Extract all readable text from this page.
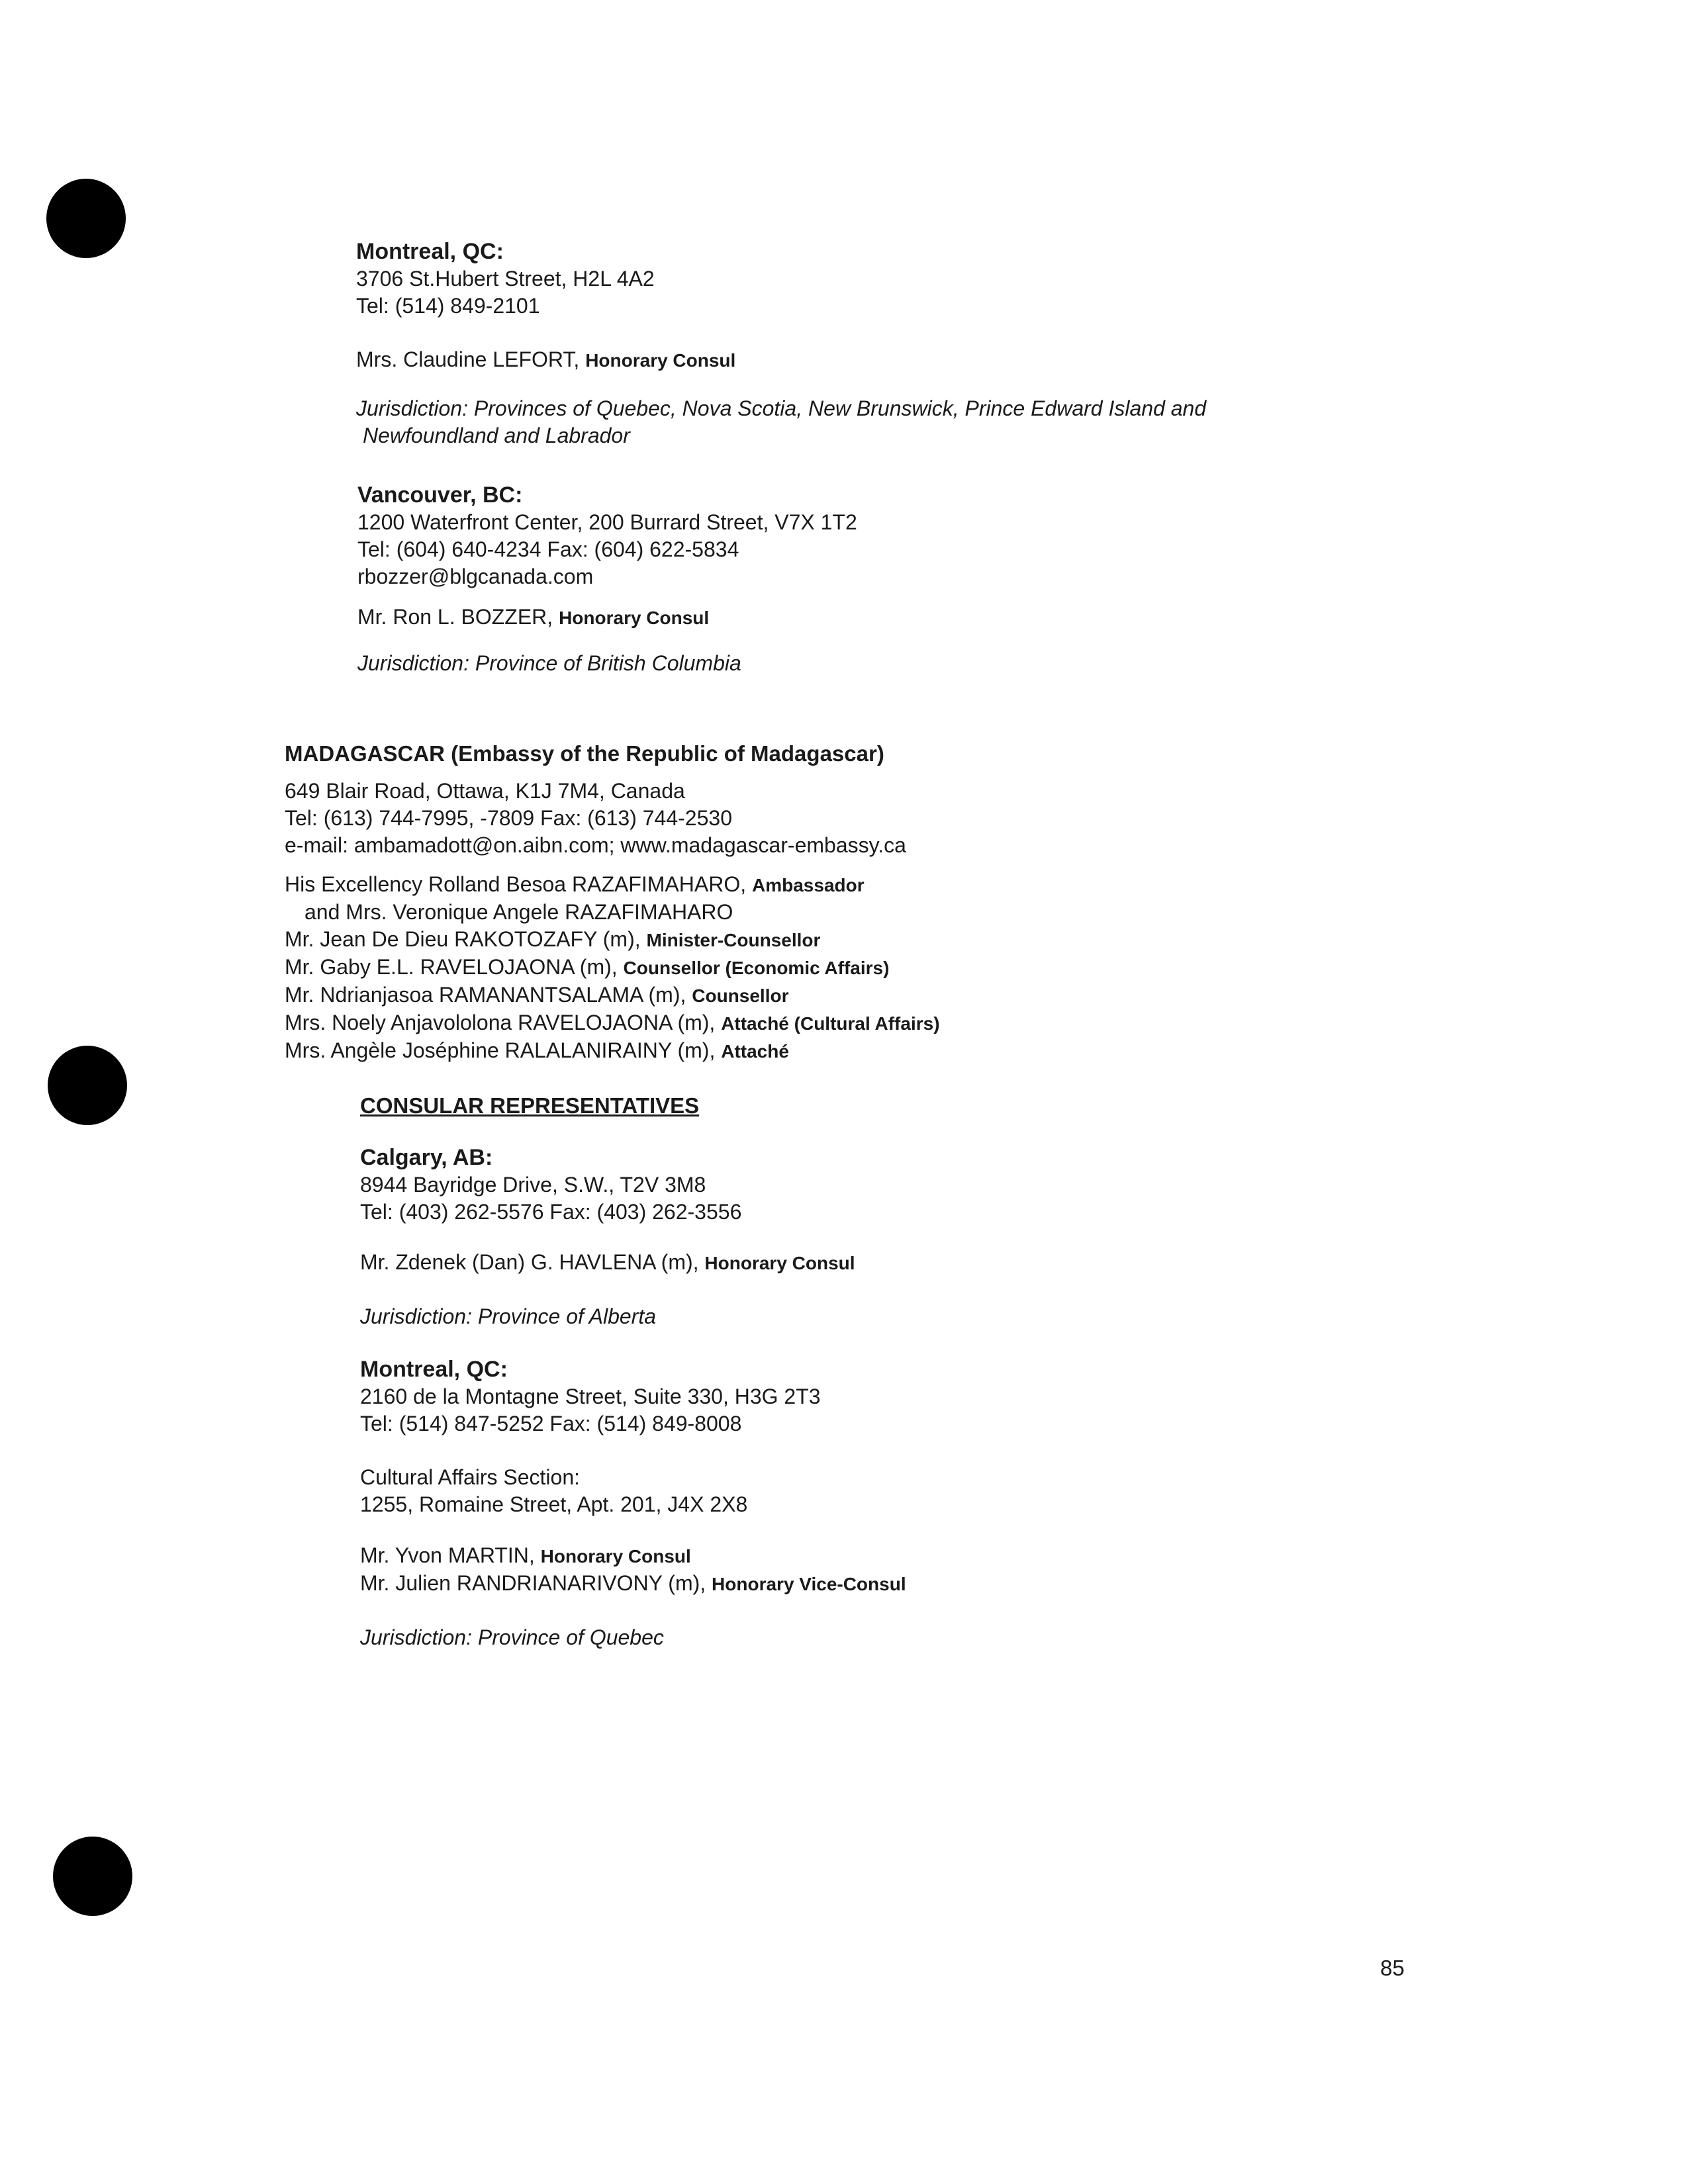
Montreal, QC:
3706 St.Hubert Street, H2L 4A2
Tel: (514) 849-2101
Mrs. Claudine LEFORT, Honorary Consul
Jurisdiction: Provinces of Quebec, Nova Scotia, New Brunswick, Prince Edward Island and
Newfoundland and Labrador
Vancouver, BC:
1200 Waterfront Center, 200 Burrard Street, V7X 1T2
Tel: (604) 640-4234 Fax: (604) 622-5834
rbozzer@blgcanada.com
Mr. Ron L. BOZZER, Honorary Consul
Jurisdiction: Province of British Columbia
MADAGASCAR (Embassy of the Republic of Madagascar)
649 Blair Road, Ottawa, K1J 7M4, Canada
Tel: (613) 744-7995, -7809 Fax: (613) 744-2530
e-mail: ambamadott@on.aibn.com; www.madagascar-embassy.ca
His Excellency Rolland Besoa RAZAFIMAHARO, Ambassador
and Mrs. Veronique Angele RAZAFIMAHARO
Mr. Jean De Dieu RAKOTOZAFY (m), Minister-Counsellor
Mr. Gaby E.L. RAVELOJAONA (m), Counsellor (Economic Affairs)
Mr. Ndrianjasoa RAMANANTSALAMA (m), Counsellor
Mrs. Noely Anjavololona RAVELOJAONA (m), Attaché (Cultural Affairs)
Mrs. Angèle Joséphine RALALANIRAINY (m), Attaché
CONSULAR REPRESENTATIVES
Calgary, AB:
8944 Bayridge Drive, S.W., T2V 3M8
Tel: (403) 262-5576 Fax: (403) 262-3556
Mr. Zdenek (Dan) G. HAVLENA (m), Honorary Consul
Jurisdiction: Province of Alberta
Montreal, QC:
2160 de la Montagne Street, Suite 330, H3G 2T3
Tel: (514) 847-5252 Fax: (514) 849-8008
Cultural Affairs Section:
1255, Romaine Street, Apt. 201, J4X 2X8
Mr. Yvon MARTIN, Honorary Consul
Mr. Julien RANDRIANARIVONY (m), Honorary Vice-Consul
Jurisdiction: Province of Quebec
85
